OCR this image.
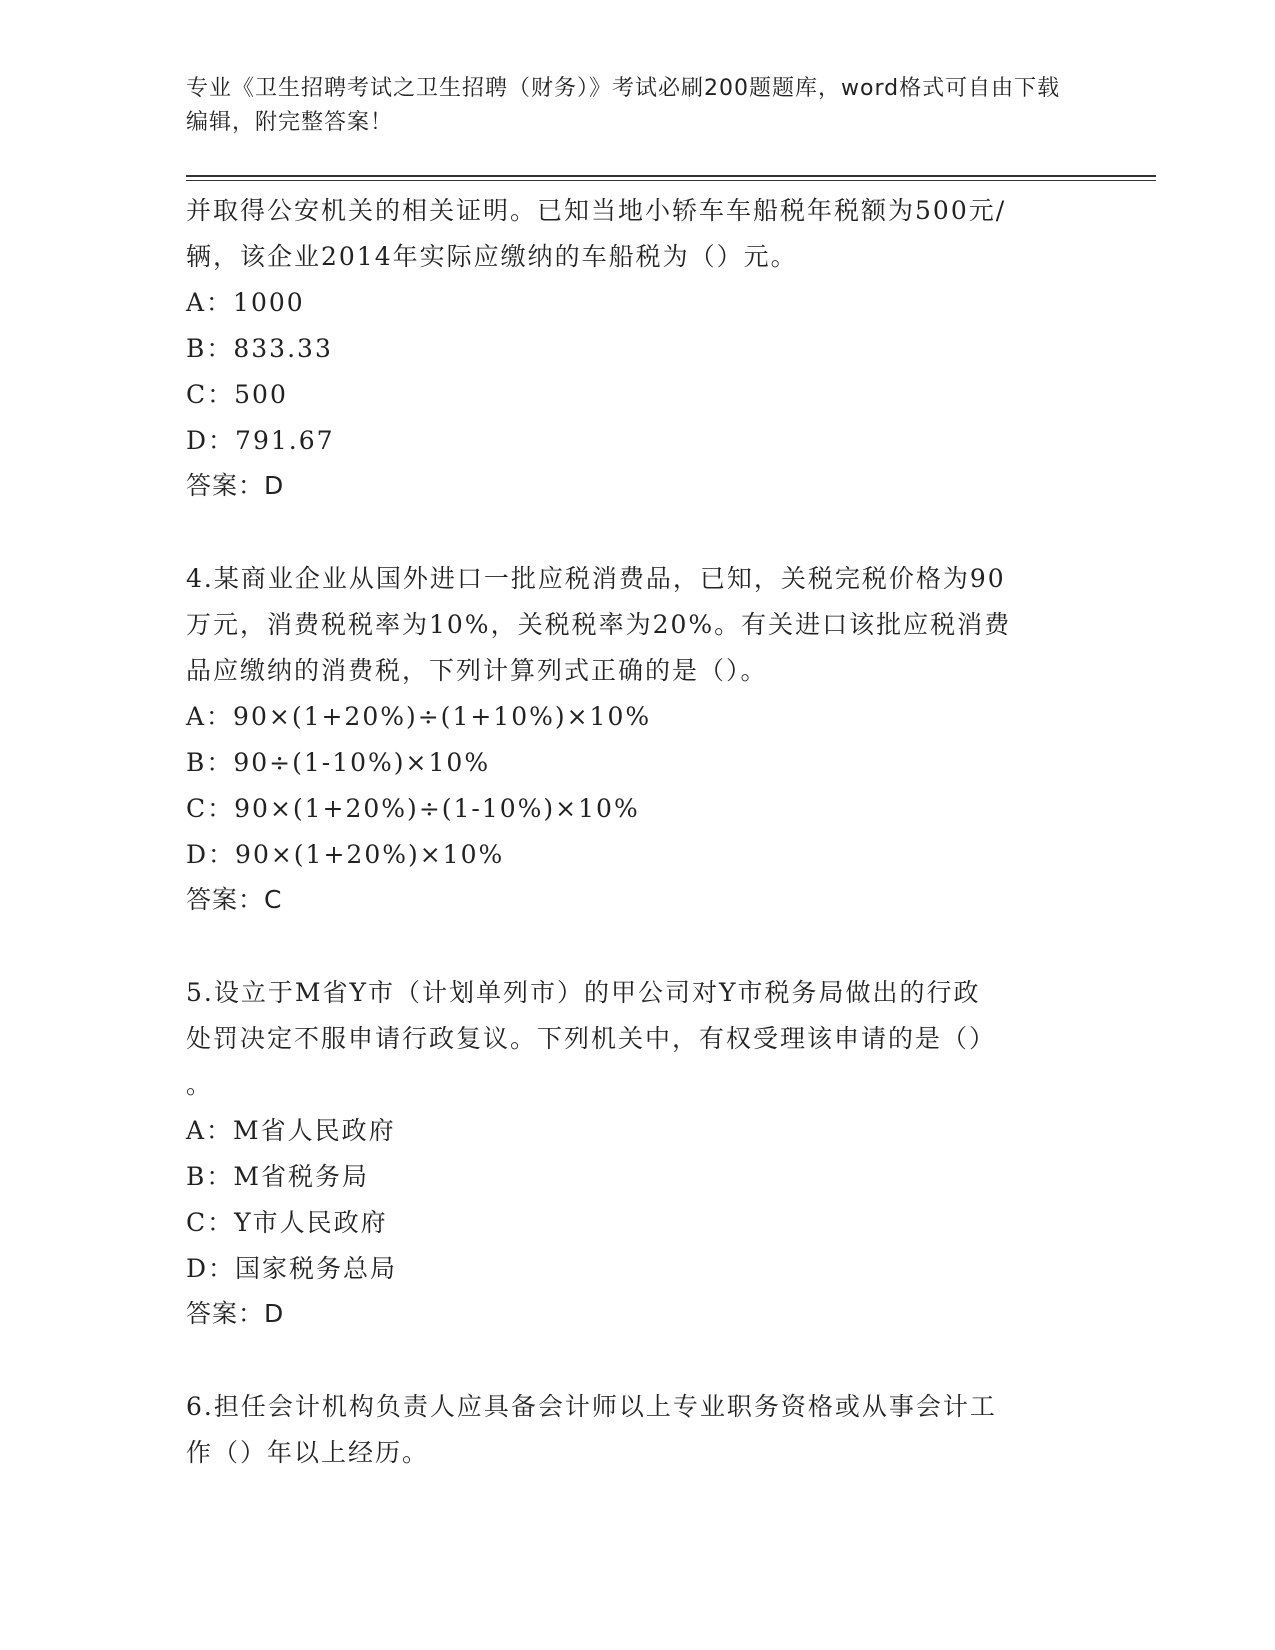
专业《卫生招聘考试之卫生招聘（财务）》考试必刷200题题库，word格式可自由下载编辑，附完整答案！
并取得公安机关的相关证明。已知当地小轿车车船税年税额为500元/
辆，该企业2014年实际应缴纳的车船税为（）元。
A：1000
B：833.33
C：500
D：791.67
答案：D
4.某商业企业从国外进口一批应税消费品，已知，关税完税价格为90
万元，消费税税率为10%，关税税率为20%。有关进口该批应税消费
品应缴纳的消费税，下列计算列式正确的是（）。
A：90×(1+20%)÷(1+10%)×10%
B：90÷(1-10%)×10%
C：90×(1+20%)÷(1-10%)×10%
D：90×(1+20%)×10%
答案：C
5.设立于M省Y市（计划单列市）的甲公司对Y市税务局做出的行政
处罚决定不服申请行政复议。下列机关中，有权受理该申请的是（）
。
A：M省人民政府
B：M省税务局
C：Y市人民政府
D：国家税务总局
答案：D
6.担任会计机构负责人应具备会计师以上专业职务资格或从事会计工
作（）年以上经历。
